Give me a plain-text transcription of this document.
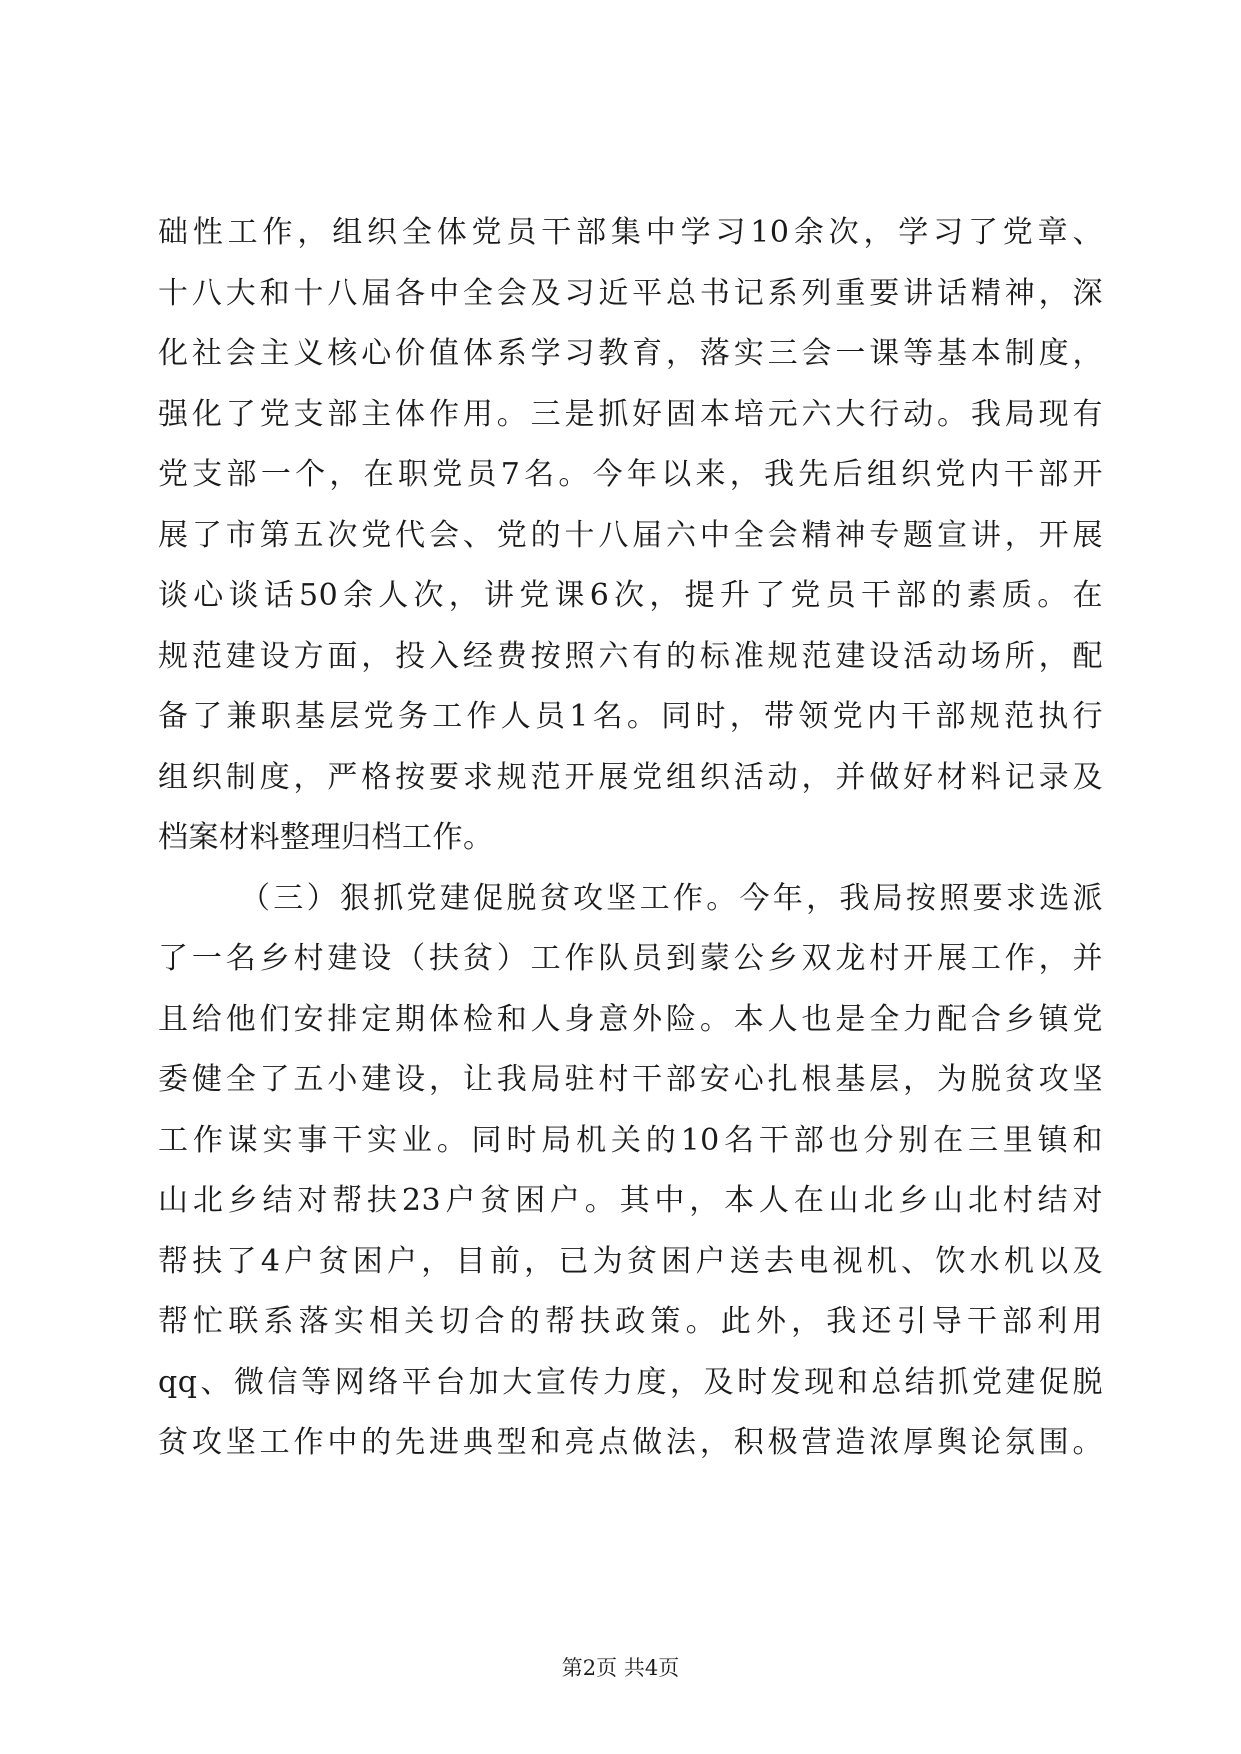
础性工作，组织全体党员干部集中学习10余次，学习了党章、
十八大和十八届各中全会及习近平总书记系列重要讲话精神，深
化社会主义核心价值体系学习教育，落实三会一课等基本制度，
强化了党支部主体作用。三是抓好固本培元六大行动。我局现有
党支部一个，在职党员7名。今年以来，我先后组织党内干部开
展了市第五次党代会、党的十八届六中全会精神专题宣讲，开展
谈心谈话50余人次，讲党课6次，提升了党员干部的素质。在
规范建设方面，投入经费按照六有的标准规范建设活动场所，配
备了兼职基层党务工作人员1名。同时，带领党内干部规范执行
组织制度，严格按要求规范开展党组织活动，并做好材料记录及
档案材料整理归档工作。
（三）狠抓党建促脱贫攻坚工作。今年，我局按照要求选派
了一名乡村建设（扶贫）工作队员到蒙公乡双龙村开展工作，并
且给他们安排定期体检和人身意外险。本人也是全力配合乡镇党
委健全了五小建设，让我局驻村干部安心扎根基层，为脱贫攻坚
工作谋实事干实业。同时局机关的10名干部也分别在三里镇和
山北乡结对帮扶23户贫困户。其中，本人在山北乡山北村结对
帮扶了4户贫困户，目前，已为贫困户送去电视机、饮水机以及
帮忙联系落实相关切合的帮扶政策。此外，我还引导干部利用
qq、微信等网络平台加大宣传力度，及时发现和总结抓党建促脱
贫攻坚工作中的先进典型和亮点做法，积极营造浓厚舆论氛围。
第2页 共4页
